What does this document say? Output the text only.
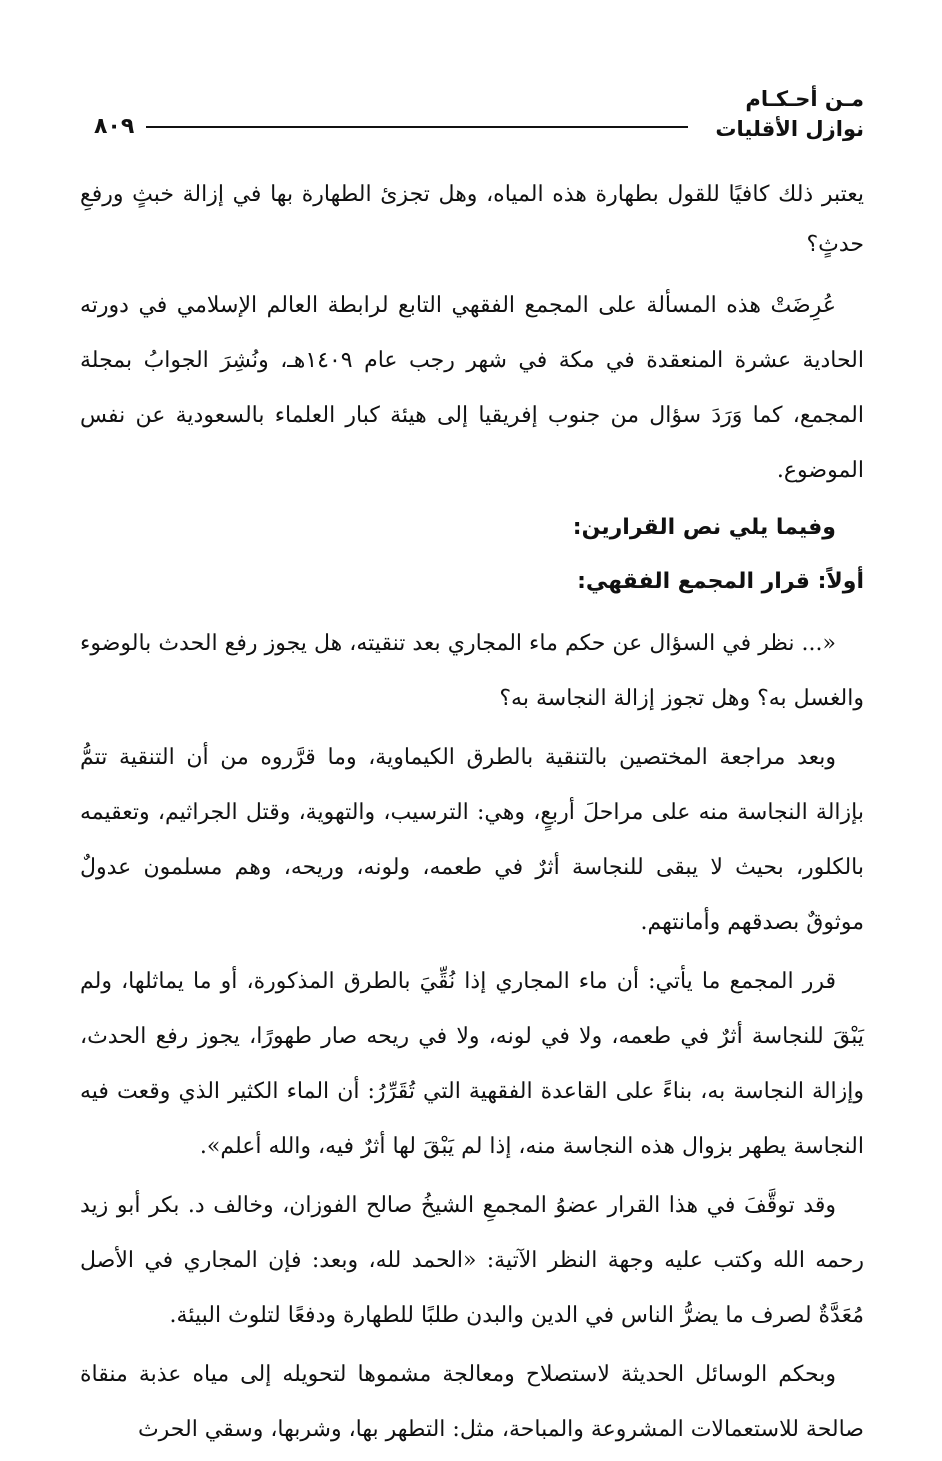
٨٠٩
مـن أحـكـام
نوازل الأقليات

يعتبر ذلك كافيًا للقول بطهارة هذه المياه، وهل تجزئ الطهارة بها في إزالة خبثٍ ورفعِ حدثٍ؟

عُرِضَتْ هذه المسألة على المجمع الفقهي التابع لرابطة العالم الإسلامي في دورته الحادية عشرة المنعقدة في مكة في شهر رجب عام ١٤٠٩هـ، ونُشِرَ الجوابُ بمجلة المجمع، كما وَرَدَ سؤال من جنوب إفريقيا إلى هيئة كبار العلماء بالسعودية عن نفس الموضوع.

وفيما يلي نص القرارين:

أولاً: قرار المجمع الفقهي:

«... نظر في السؤال عن حكم ماء المجاري بعد تنقيته، هل يجوز رفع الحدث بالوضوء والغسل به؟ وهل تجوز إزالة النجاسة به؟

وبعد مراجعة المختصين بالتنقية بالطرق الكيماوية، وما قرَّروه من أن التنقية تتمُّ بإزالة النجاسة منه على مراحلَ أربعٍ، وهي: الترسيب، والتهوية، وقتل الجراثيم، وتعقيمه بالكلور، بحيث لا يبقى للنجاسة أثرٌ في طعمه، ولونه، وريحه، وهم مسلمون عدولٌ موثوقٌ بصدقهم وأمانتهم.

قرر المجمع ما يأتي: أن ماء المجاري إذا نُقِّيَ بالطرق المذكورة، أو ما يماثلها، ولم يَبْقَ للنجاسة أثرٌ في طعمه، ولا في لونه، ولا في ريحه صار طهورًا، يجوز رفع الحدث، وإزالة النجاسة به، بناءً على القاعدة الفقهية التي تُقَرِّرُ: أن الماء الكثير الذي وقعت فيه النجاسة يطهر بزوال هذه النجاسة منه، إذا لم يَبْقَ لها أثرٌ فيه، والله أعلم».

وقد توقَّفَ في هذا القرار عضوُ المجمعِ الشيخُ صالح الفوزان، وخالف د. بكر أبو زيد رحمه الله وكتب عليه وجهة النظر الآتية: «الحمد لله، وبعد: فإن المجاري في الأصل مُعَدَّةٌ لصرف ما يضرُّ الناس في الدين والبدن طلبًا للطهارة ودفعًا لتلوث البيئة.

وبحكم الوسائل الحديثة لاستصلاح ومعالجة مشموها لتحويله إلى مياه عذبة منقاة صالحة للاستعمالات المشروعة والمباحة، مثل: التطهر بها، وشربها، وسقي الحرث
